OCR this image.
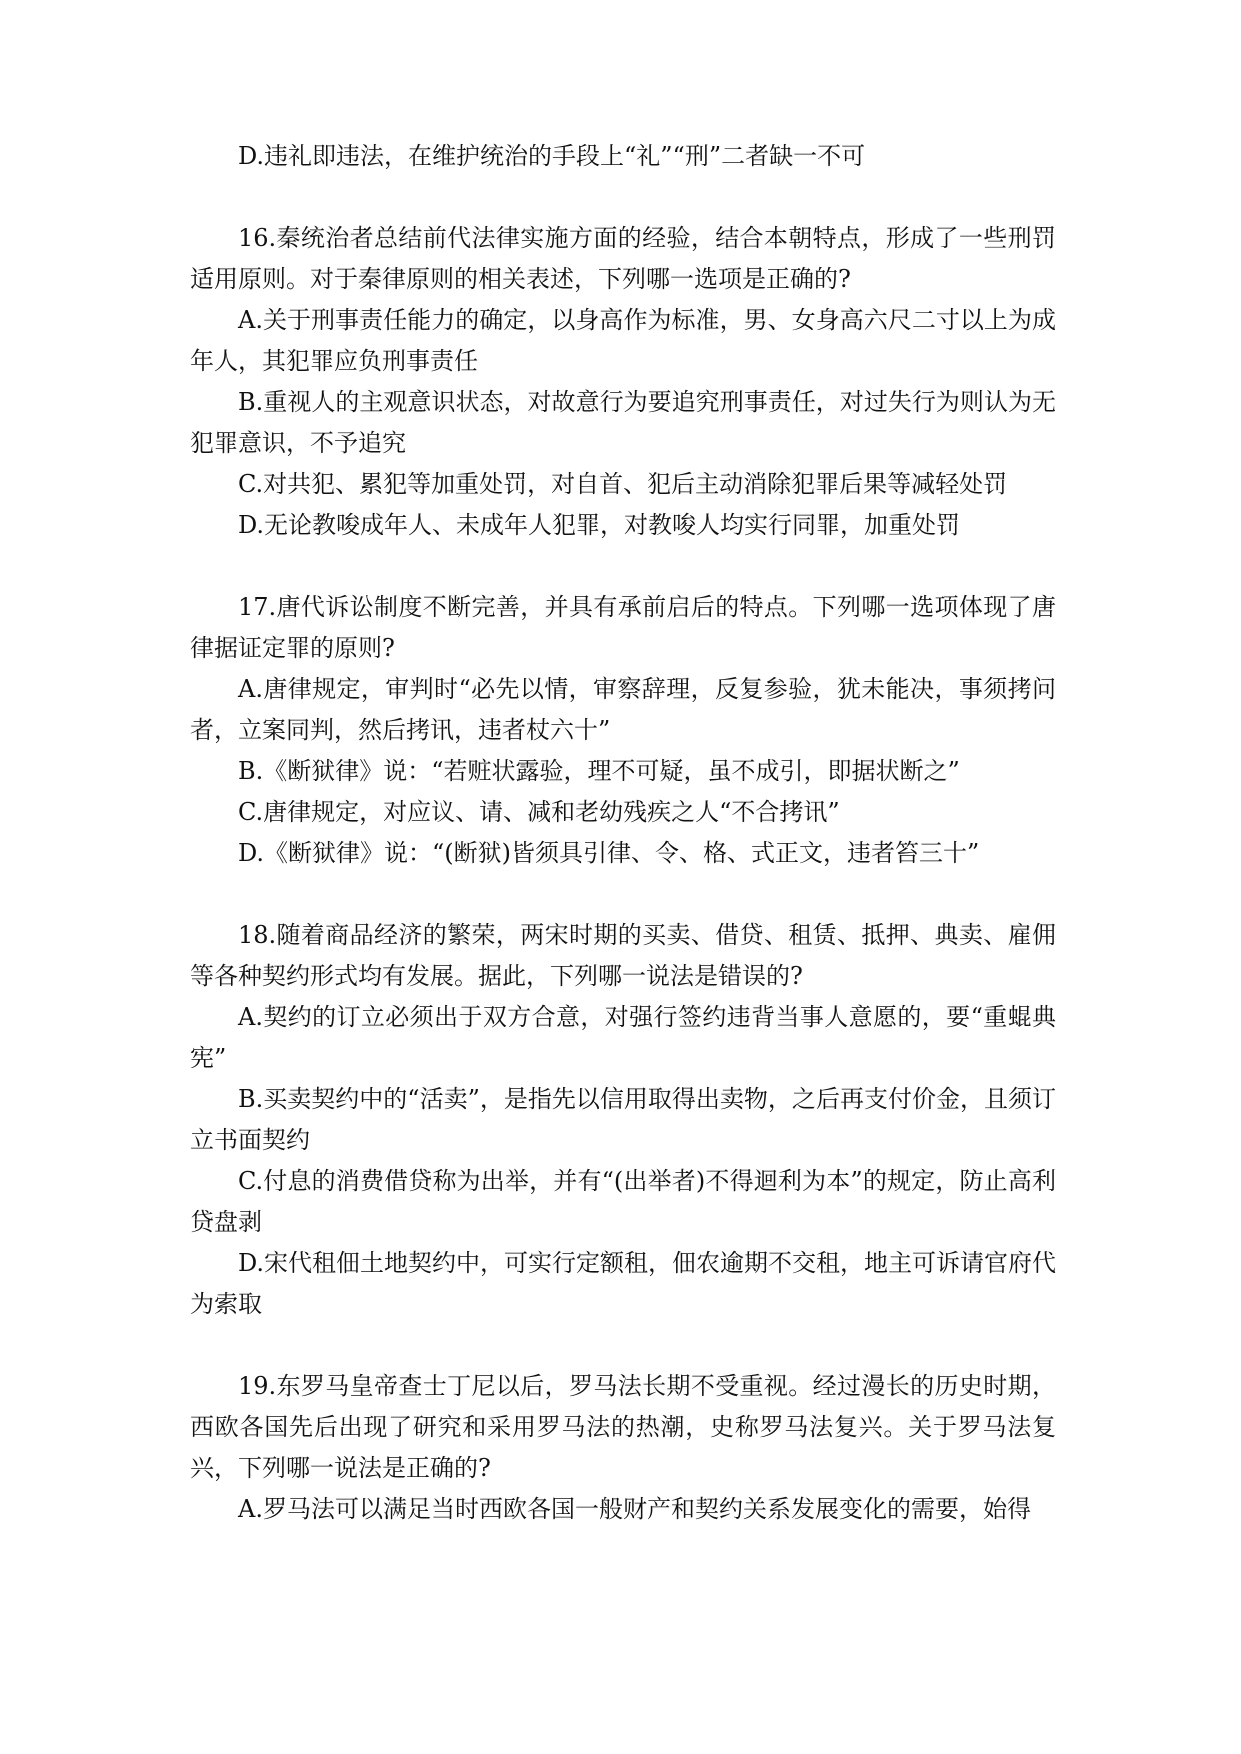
D.违礼即违法，在维护统治的手段上“礼”“刑”二者缺一不可

16.秦统治者总结前代法律实施方面的经验，结合本朝特点，形成了一些刑罚适用原则。对于秦律原则的相关表述，下列哪一选项是正确的?

A.关于刑事责任能力的确定，以身高作为标准，男、女身高六尺二寸以上为成年人，其犯罪应负刑事责任

B.重视人的主观意识状态，对故意行为要追究刑事责任，对过失行为则认为无犯罪意识，不予追究

C.对共犯、累犯等加重处罚，对自首、犯后主动消除犯罪后果等减轻处罚

D.无论教唆成年人、未成年人犯罪，对教唆人均实行同罪，加重处罚

17.唐代诉讼制度不断完善，并具有承前启后的特点。下列哪一选项体现了唐律据证定罪的原则?

A.唐律规定，审判时“必先以情，审察辞理，反复参验，犹未能决，事须拷问者，立案同判，然后拷讯，违者杖六十”

B.《断狱律》说：“若赃状露验，理不可疑，虽不成引，即据状断之”

C.唐律规定，对应议、请、减和老幼残疾之人“不合拷讯”

D.《断狱律》说：“(断狱)皆须具引律、令、格、式正文，违者笞三十”

18.随着商品经济的繁荣，两宋时期的买卖、借贷、租赁、抵押、典卖、雇佣等各种契约形式均有发展。据此，下列哪一说法是错误的?

A.契约的订立必须出于双方合意，对强行签约违背当事人意愿的，要“重蜫典宪”

B.买卖契约中的“活卖”，是指先以信用取得出卖物，之后再支付价金，且须订立书面契约

C.付息的消费借贷称为出举，并有“(出举者)不得迴利为本”的规定，防止高利贷盘剥

D.宋代租佃土地契约中，可实行定额租，佃农逾期不交租，地主可诉请官府代为索取

19.东罗马皇帝查士丁尼以后，罗马法长期不受重视。经过漫长的历史时期，西欧各国先后出现了研究和采用罗马法的热潮，史称罗马法复兴。关于罗马法复兴，下列哪一说法是正确的?

A.罗马法可以满足当时西欧各国一般财产和契约关系发展变化的需要，始得
